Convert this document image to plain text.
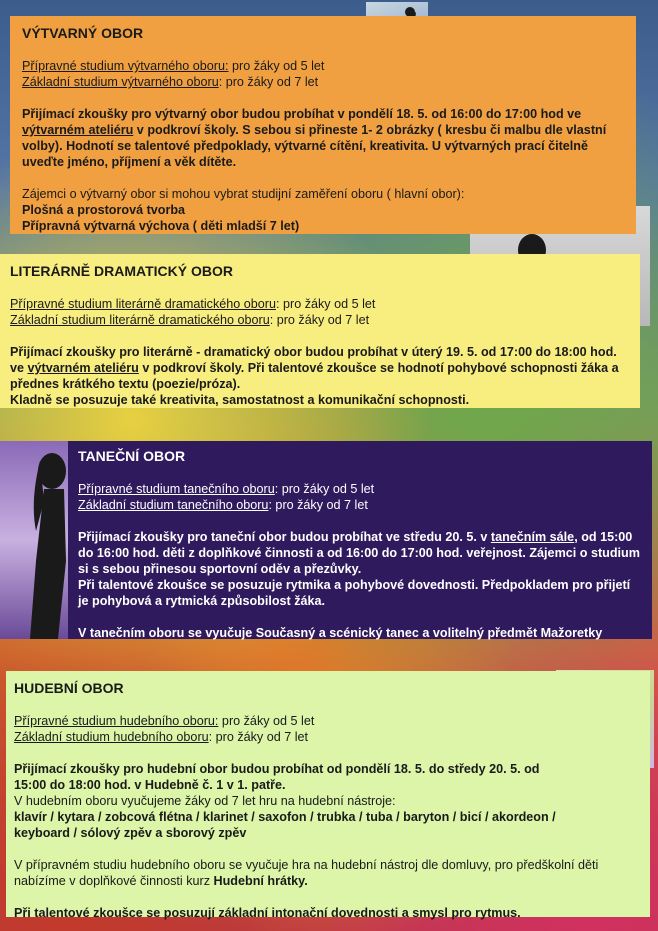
VÝTVARNÝ OBOR

Přípravné studium výtvarného oboru: pro žáky od 5 let

Základní studium výtvarného oboru: pro žáky od 7 let

Přijímací zkoušky pro výtvarný obor budou probíhat v pondělí 18. 5. od 16:00 do 17:00 hod ve výtvarném ateliéru v podkroví školy. S sebou si přineste 1- 2 obrázky ( kresbu či malbu dle vlastní volby). Hodnotí se talentové předpoklady, výtvarné cítění, kreativita. U výtvarných prací čitelně uveďte jméno, příjmení a věk dítěte.

Zájemci o výtvarný obor si mohou vybrat studijní zaměření oboru ( hlavní obor):

Plošná a prostorová tvorba

Přípravná výtvarná výchova ( děti mladší 7 let)

LITERÁRNĚ DRAMATICKÝ OBOR

Přípravné studium literárně dramatického oboru: pro žáky od 5 let

Základní studium literárně dramatického oboru: pro žáky od 7 let

Přijímací zkoušky pro literárně - dramatický obor budou probíhat v úterý 19. 5. od 17:00 do 18:00 hod. ve výtvarném ateliéru v podkroví školy. Při talentové zkoušce se hodnotí pohybové schopnosti žáka a přednes krátkého textu (poezie/próza).

Kladně se posuzuje také kreativita, samostatnost a komunikační schopnosti.

TANEČNÍ OBOR

Přípravné studium tanečního oboru: pro žáky od 5 let

Základní studium tanečního oboru: pro žáky od 7 let

Přijímací zkoušky pro taneční obor budou probíhat ve středu 20. 5. v tanečním sále, od 15:00 do 16:00 hod. děti z doplňkové činnosti a od 16:00 do 17:00 hod. veřejnost. Zájemci o studium si s sebou přinesou sportovní oděv a přezůvky.

Při talentové zkoušce se posuzuje rytmika a pohybové dovednosti. Předpokladem pro přijetí je pohybová a rytmická způsobilost žáka.

V tanečním oboru se vyučuje Současný a scénický tanec a volitelný předmět Mažoretky

HUDEBNÍ OBOR

Přípravné studium hudebního oboru: pro žáky od 5 let

Základní studium hudebního oboru: pro žáky od 7 let

Přijímací zkoušky pro hudební obor budou probíhat od pondělí 18. 5. do středy 20. 5. od 15:00 do 18:00 hod. v Hudebně č. 1 v 1. patře.

V hudebním oboru vyučujeme žáky od 7 let hru na hudební nástroje:

klavír / kytara / zobcová flétna / klarinet / saxofon / trubka / tuba / baryton / bicí / akordeon / keyboard / sólový zpěv a sborový zpěv

V přípravném studiu hudebního oboru se vyučuje hra na hudební nástroj dle domluvy, pro předškolní děti nabízíme v doplňkové činnosti kurz Hudební hrátky.

Při talentové zkoušce se posuzují základní intonační dovednosti a smysl pro rytmus.
